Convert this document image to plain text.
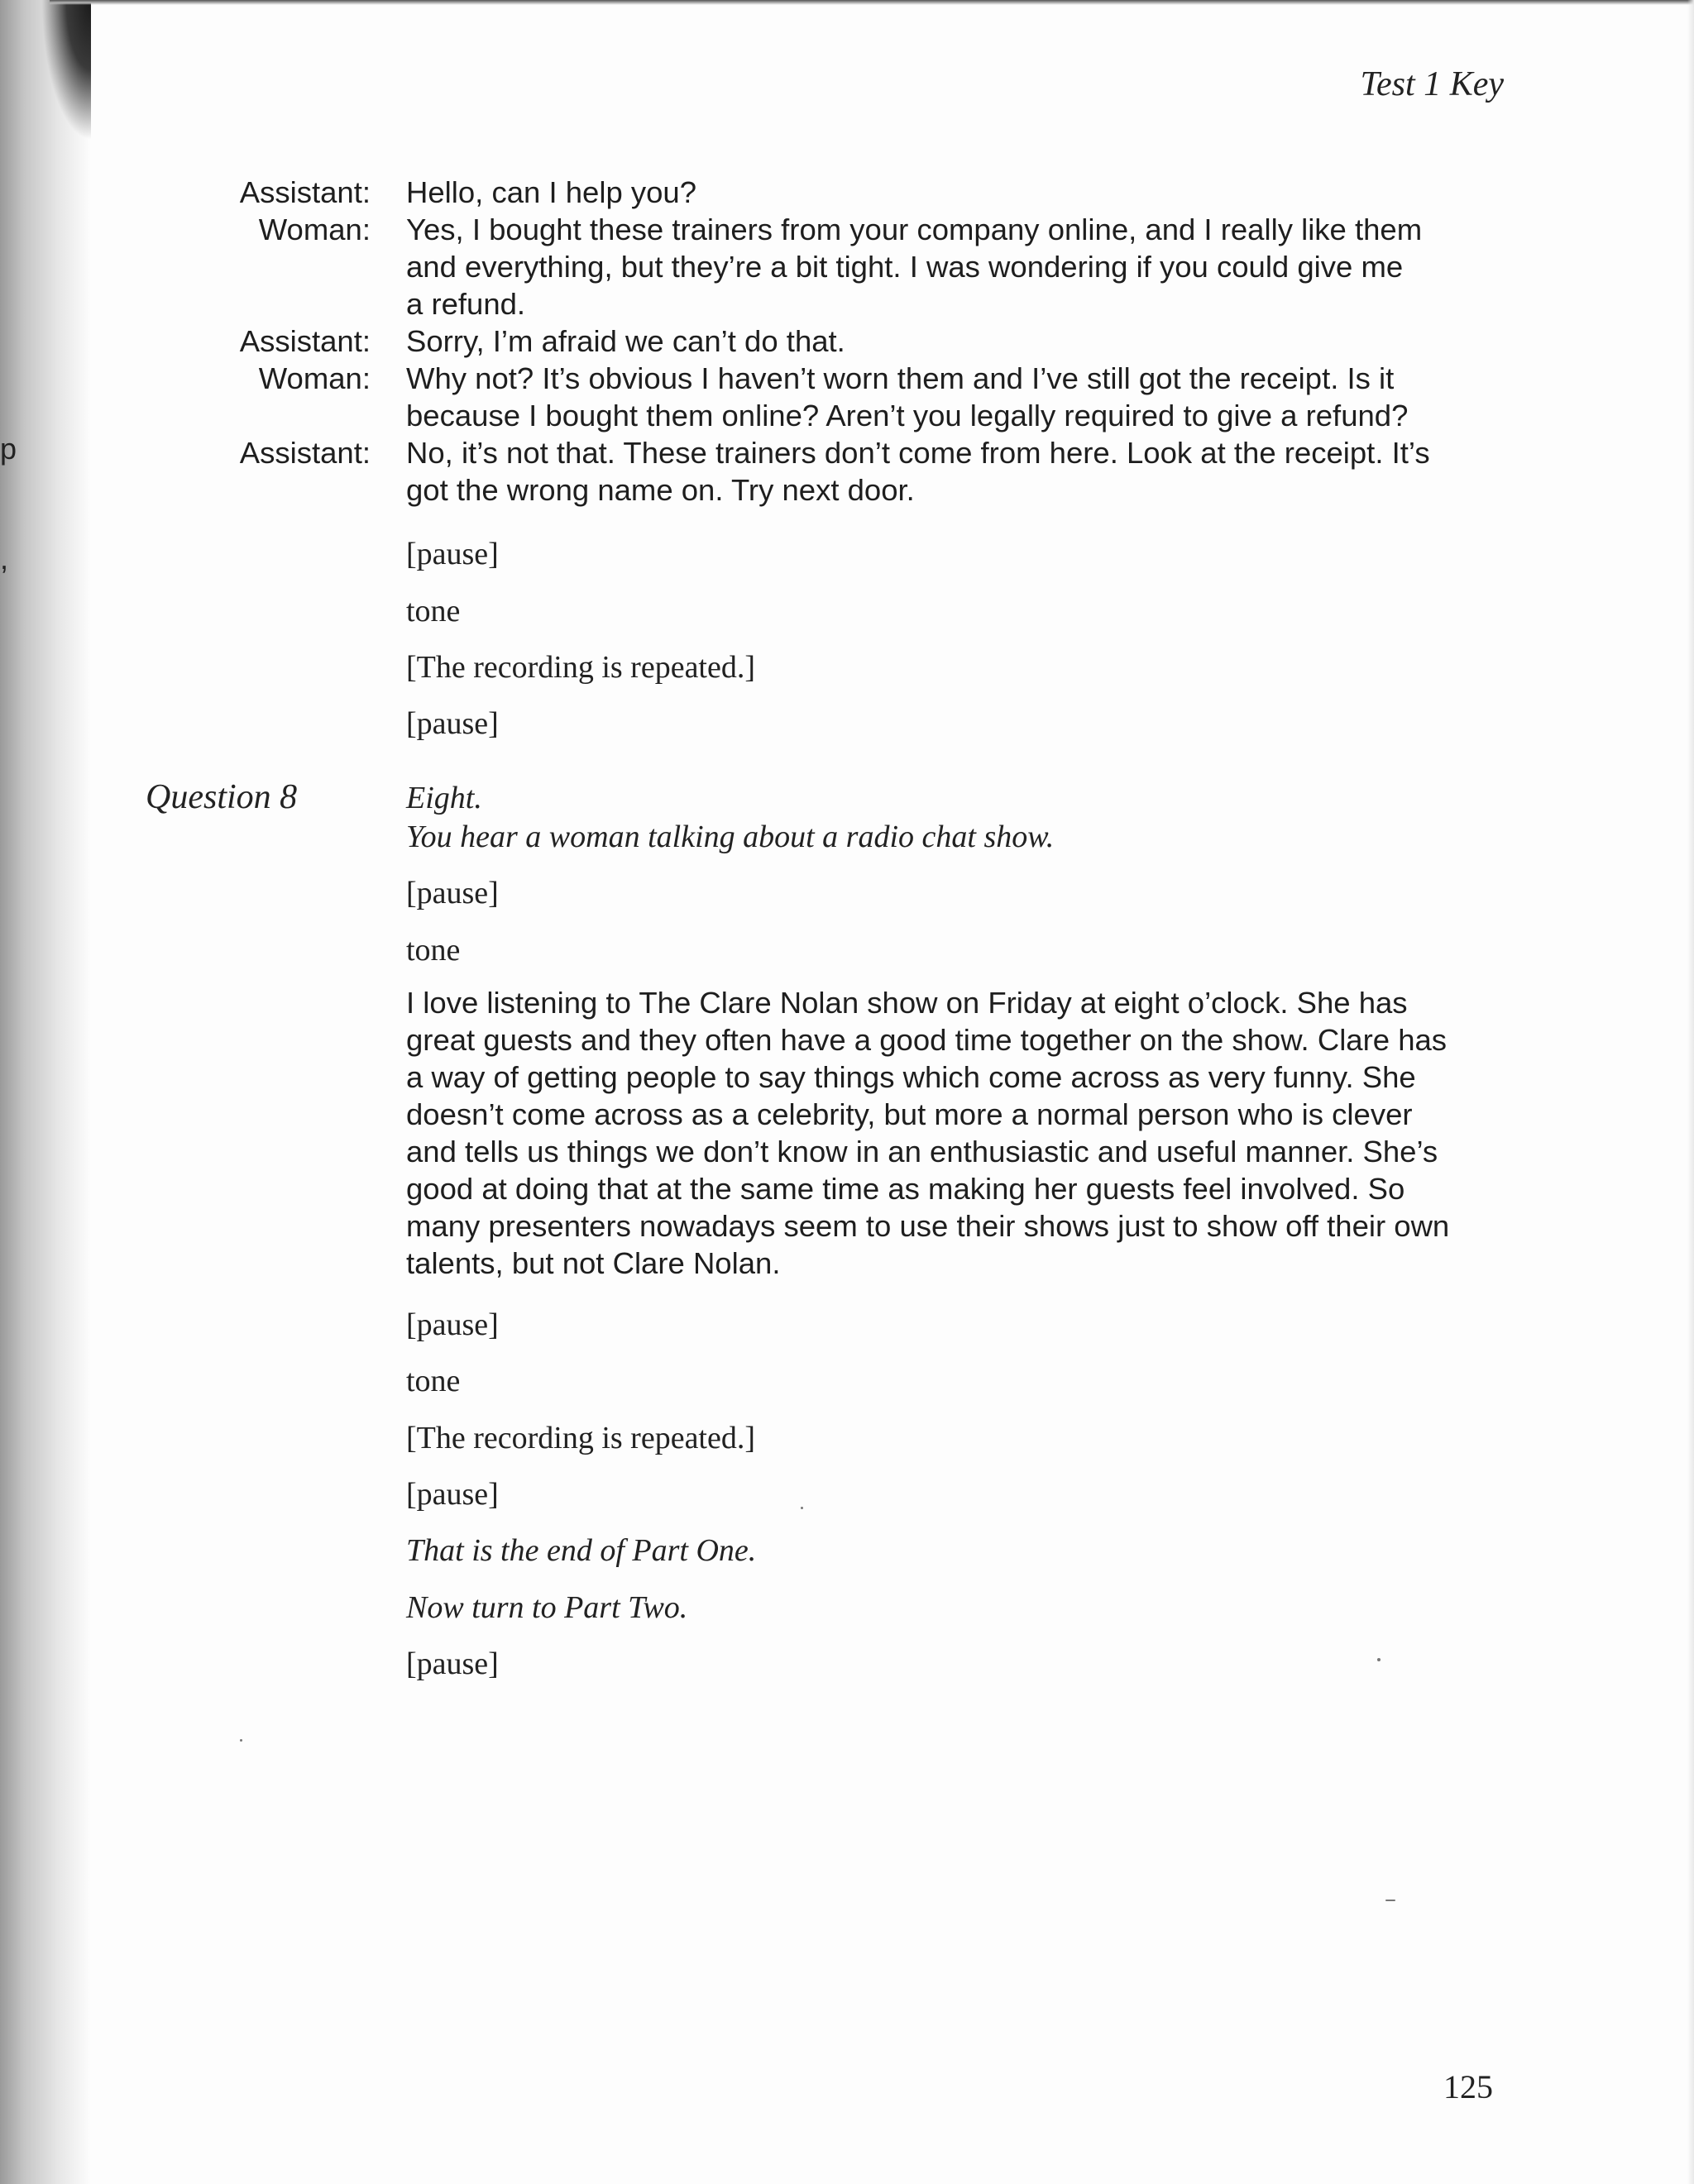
p
,
Test 1 Key
Assistant: Hello, can I help you?
Woman: Yes, I bought these trainers from your company online, and I really like them
and everything, but they’re a bit tight. I was wondering if you could give me
a refund.
Assistant: Sorry, I’m afraid we can’t do that.
Woman: Why not? It’s obvious I haven’t worn them and I’ve still got the receipt. Is it
because I bought them online? Aren’t you legally required to give a refund?
Assistant: No, it’s not that. These trainers don’t come from here. Look at the receipt. It’s
got the wrong name on. Try next door.
[pause]
tone
[The recording is repeated.]
[pause]
Question 8	Eight.
You hear a woman talking about a radio chat show.
[pause]
tone
I love listening to The Clare Nolan show on Friday at eight o’clock. She has
great guests and they often have a good time together on the show. Clare has
a way of getting people to say things which come across as very funny. She
doesn’t come across as a celebrity, but more a normal person who is clever
and tells us things we don’t know in an enthusiastic and useful manner. She’s
good at doing that at the same time as making her guests feel involved. So
many presenters nowadays seem to use their shows just to show off their own
talents, but not Clare Nolan.
[pause]
tone
[The recording is repeated.]
[pause]
That is the end of Part One.
Now turn to Part Two.
[pause]
125
